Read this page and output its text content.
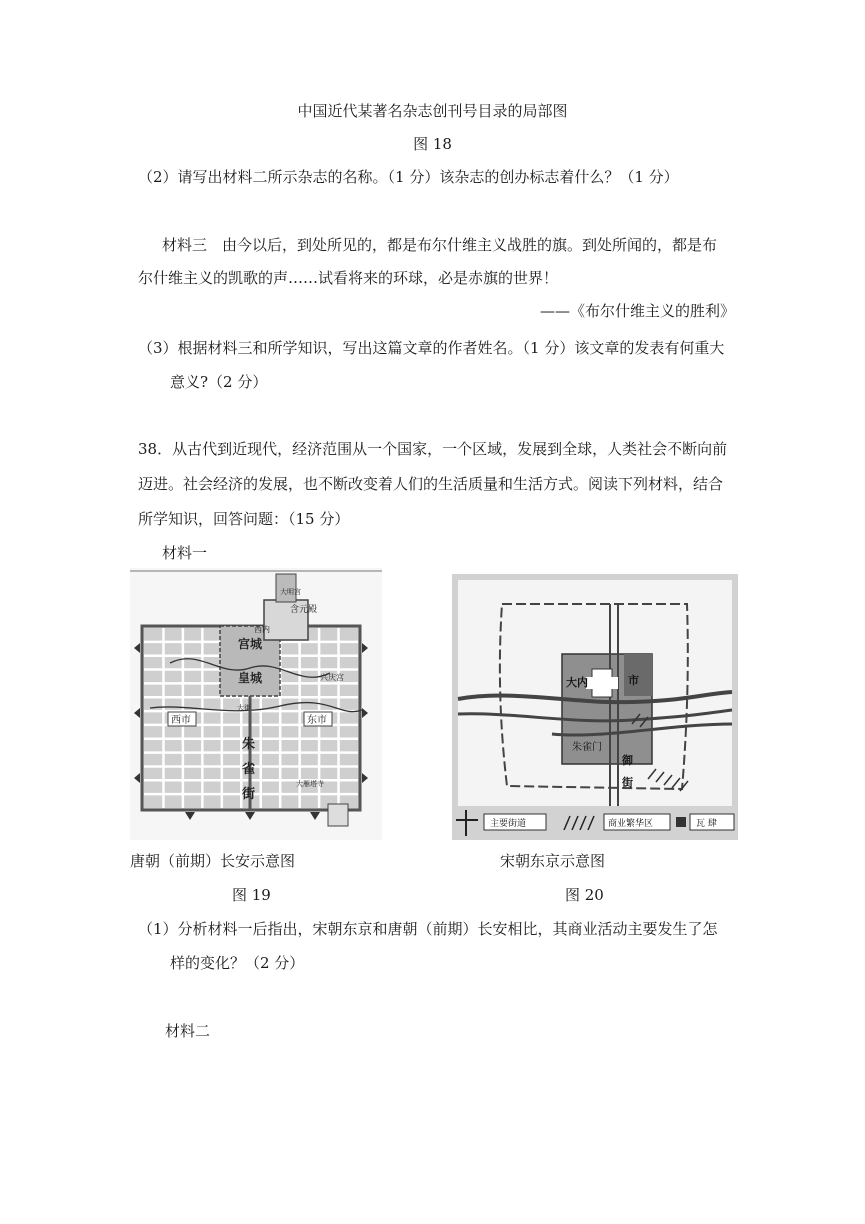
中国近代某著名杂志创刊号目录的局部图
图 18
（2）请写出材料二所示杂志的名称。（1 分）该杂志的创办标志着什么？（1 分）
材料三　由今以后，到处所见的，都是布尔什维主义战胜的旗。到处所闻的，都是布
尔什维主义的凯歌的声……试看将来的环球，必是赤旗的世界！
——《布尔什维主义的胜利》
（3）根据材料三和所学知识，写出这篇文章的作者姓名。（1 分）该文章的发表有何重大
意义?（2 分）
38．从古代到近现代，经济范围从一个国家，一个区域，发展到全球，人类社会不断向前
迈进。社会经济的发展，也不断改变着人们的生活质量和生活方式。阅读下列材料，结合
所学知识，回答问题：（15 分）
材料一
大明宫
含元殿
西内
宫城
皇城	兴庆宫
西市	东市
大街
朱
雀
街
大雁塔寺
大内	市
朱雀门
御
街
主要街道	商业繁华区	瓦 肆
唐朝（前期）长安示意图	宋朝东京示意图
图 19	图 20
（1）分析材料一后指出，宋朝东京和唐朝（前期）长安相比，其商业活动主要发生了怎
样的变化？（2 分）
材料二
